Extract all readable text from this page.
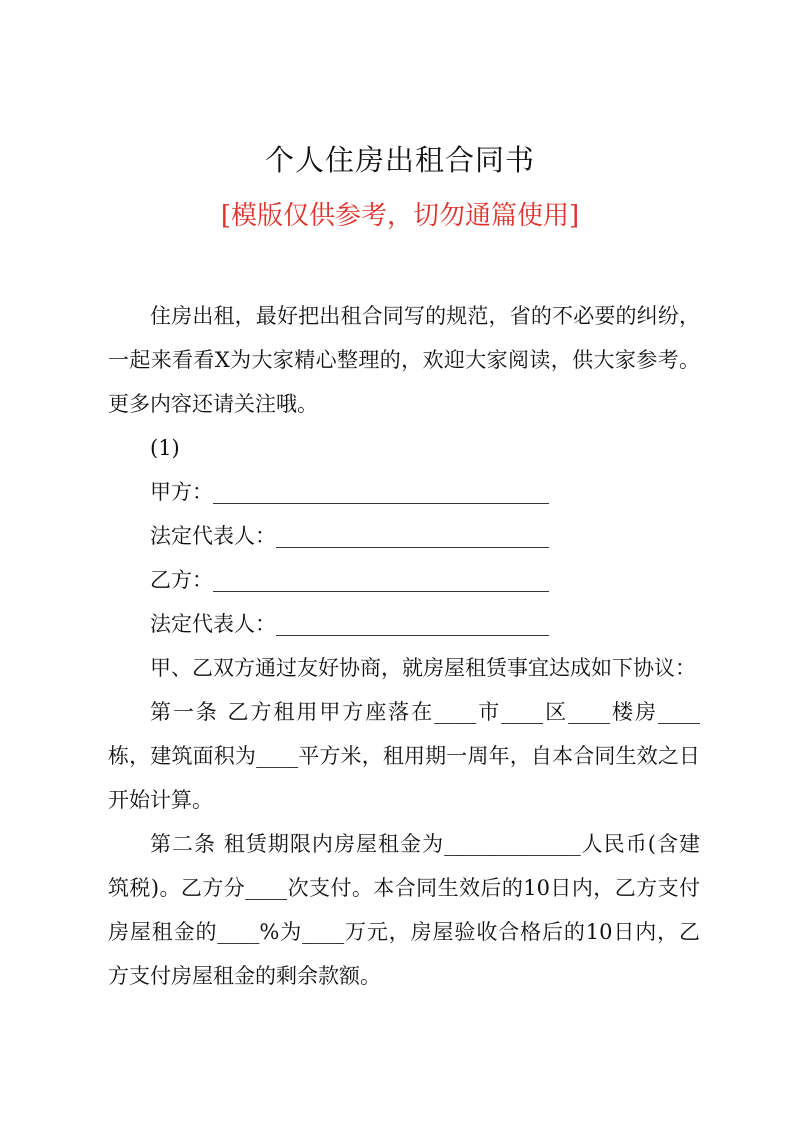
个人住房出租合同书
[模版仅供参考，切勿通篇使用]

住房出租，最好把出租合同写的规范，省的不必要的纠纷，一起来看看X为大家精心整理的，欢迎大家阅读，供大家参考。更多内容还请关注哦。

(1)

甲方：________________________________

法定代表人：__________________________

乙方：________________________________

法定代表人：__________________________

甲、乙双方通过友好协商，就房屋租赁事宜达成如下协议：

第一条 乙方租用甲方座落在____市____区____楼房____栋，建筑面积为____平方米，租用期一周年，自本合同生效之日开始计算。

第二条 租赁期限内房屋租金为_____________人民币(含建筑税)。乙方分____次支付。本合同生效后的10日内，乙方支付房屋租金的____%为____万元，房屋验收合格后的10日内，乙方支付房屋租金的剩余款额。
